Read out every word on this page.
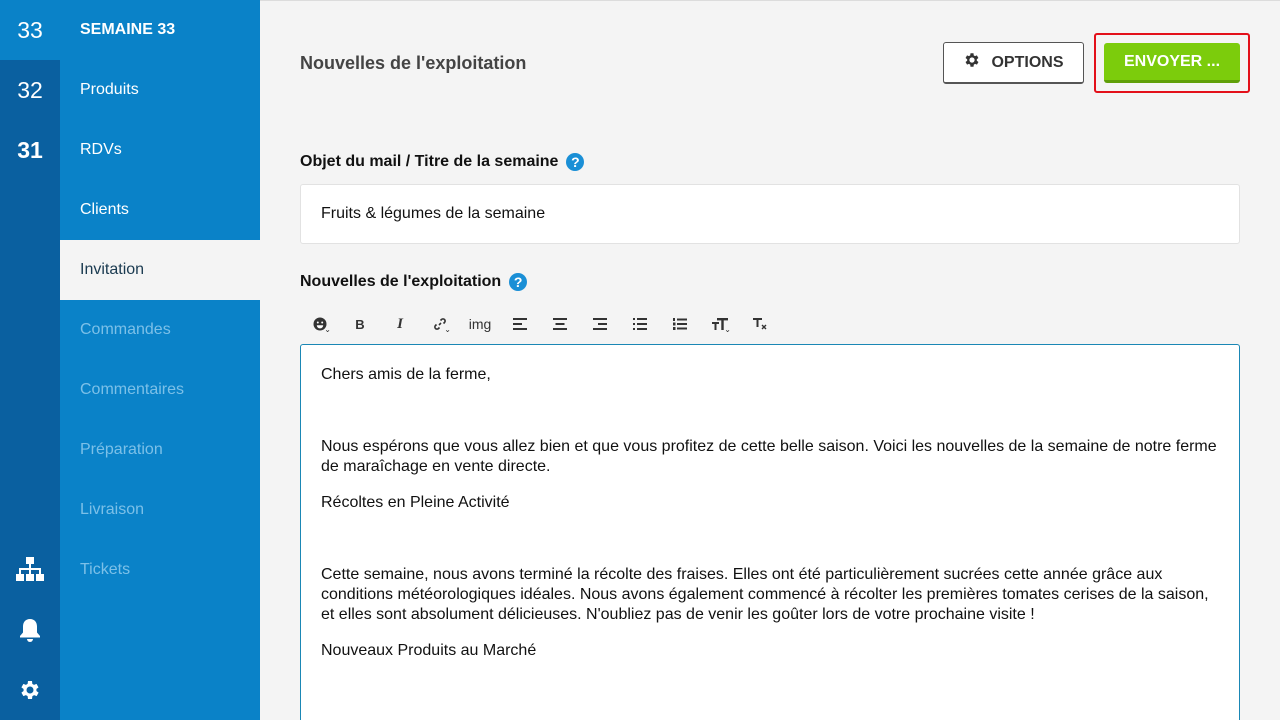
33
32
31
SEMAINE 33
Produits
RDVs
Clients
Invitation
Commandes
Commentaires
Préparation
Livraison
Tickets
Nouvelles de l'exploitation	OPTIONS	ENVOYER ...
Objet du mail / Titre de la semaine ?
Fruits & légumes de la semaine
Nouvelles de l'exploitation ?
⌄	B	I	⌄	img	⌄

Chers amis de la ferme,

Nous espérons que vous allez bien et que vous profitez de cette belle saison. Voici les nouvelles de la semaine de notre ferme de maraîchage en vente directe.

Récoltes en Pleine Activité

Cette semaine, nous avons terminé la récolte des fraises. Elles ont été particulièrement sucrées cette année grâce aux conditions météorologiques idéales. Nous avons également commencé à récolter les premières tomates cerises de la saison, et elles sont absolument délicieuses. N'oubliez pas de venir les goûter lors de votre prochaine visite !

Nouveaux Produits au Marché
